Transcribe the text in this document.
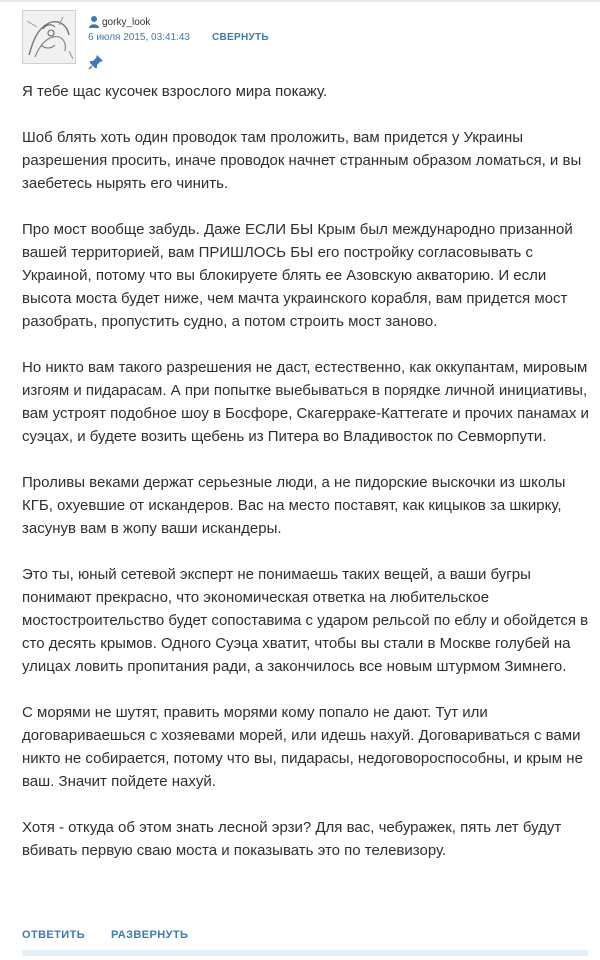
gorky_look
6 июля 2015, 03:41:43 СВЕРНУТЬ

Я тебе щас кусочек взрослого мира покажу.

Шоб блять хоть один проводок там проложить, вам придется у Украины разрешения просить, иначе проводок начнет странным образом ломаться, и вы заебетесь нырять его чинить.

Про мост вообще забудь. Даже ЕСЛИ БЫ Крым был международно призанной вашей территорией, вам ПРИШЛОСЬ БЫ его постройку согласовывать с Украиной, потому что вы блокируете блять ее Азовскую акваторию. И если высота моста будет ниже, чем мачта украинского корабля, вам придется мост разобрать, пропустить судно, а потом строить мост заново.

Но никто вам такого разрешения не даст, естественно, как оккупантам, мировым изгоям и пидарасам. А при попытке выебываться в порядке личной инициативы, вам устроят подобное шоу в Босфоре, Скагерраке-Каттегате и прочих панамах и суэцах, и будете возить щебень из Питера во Владивосток по Севморпути.

Проливы веками держат серьезные люди, а не пидорские выскочки из школы КГБ, охуевшие от искандеров. Вас на место поставят, как кицыков за шкирку, засунув вам в жопу ваши искандеры.

Это ты, юный сетевой эксперт не понимаешь таких вещей, а ваши бугры понимают прекрасно, что экономическая ответка на любительское мостостроительство будет сопоставима с ударом рельсой по еблу и обойдется в сто десять крымов. Одного Суэца хватит, чтобы вы стали в Москве голубей на улицах ловить пропитания ради, а закончилось все новым штурмом Зимнего.

С морями не шутят, править морями кому попало не дают. Тут или договариваешься с хозяевами морей, или идешь нахуй. Договариваться с вами никто не собирается, потому что вы, пидарасы, недоговороспособны, и крым не ваш. Значит пойдете нахуй.

Хотя - откуда об этом знать лесной эрзи? Для вас, чебуражек, пять лет будут вбивать первую сваю моста и показывать это по телевизору.

ОТВЕТИТЬ РАЗВЕРНУТЬ
